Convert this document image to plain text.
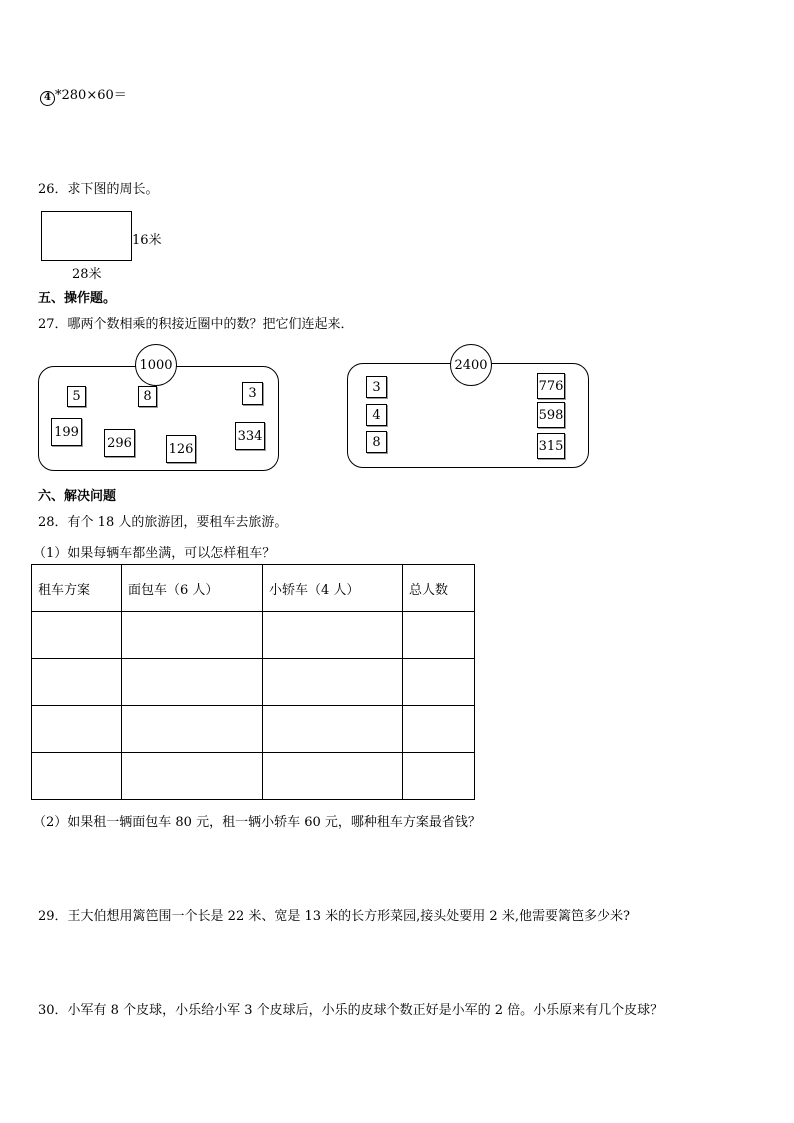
4 *280×60＝
26．求下图的周长。
16米
28米
五、操作题。
27．哪两个数相乘的积接近圈中的数？把它们连起来．
1000
5	8	3
199
296	126
334
2400
3
4
8
776
598
315
六、解决问题
28．有个 18 人的旅游团，要租车去旅游。
（1）如果每辆车都坐满，可以怎样租车？
租车方案	面包车（6 人）	小轿车（4 人）	总人数

（2）如果租一辆面包车 80 元，租一辆小轿车 60 元，哪种租车方案最省钱？
29．王大伯想用篱笆围一个长是 22 米、宽是 13 米的长方形菜园,接头处要用 2 米,他需要篱笆多少米?
30．小军有 8 个皮球，小乐给小军 3 个皮球后，小乐的皮球个数正好是小军的 2 倍。小乐原来有几个皮球？
